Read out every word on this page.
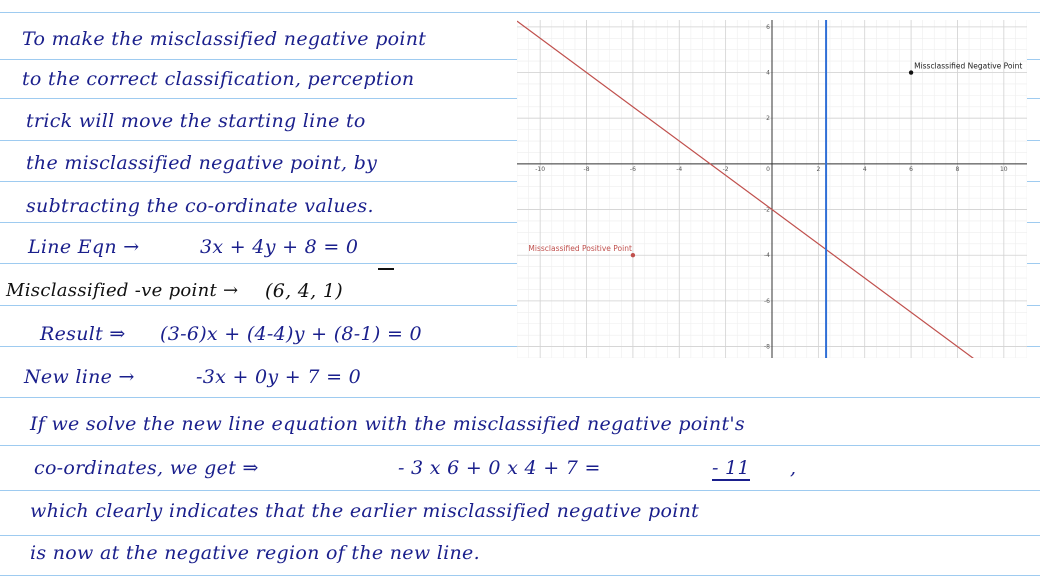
To make the misclassified negative point
to the correct classification, perception
trick will move the starting line to
the misclassified negative point, by
subtracting the co-ordinate values.
Line Eqn →	3x + 4y + 8 = 0
Misclassified -ve point → (6, 4, 1)
Result ⇒ (3-6)x + (4-4)y + (8-1) = 0
New line →	-3x + 0y + 7 = 0
If we solve the new line equation with the misclassified negative point's
co-ordinates, we get ⇒	- 3 x 6 + 0 x 4 + 7 =	- 11 ,
which clearly indicates that the earlier misclassified negative point
is now at the negative region of the new line.
-10	-8	-6	-4	-2	0	2	4	6	8	10
6
4
2
-2
-4
-6
-8
Missclassified Negative Point
Missclassified Positive Point
